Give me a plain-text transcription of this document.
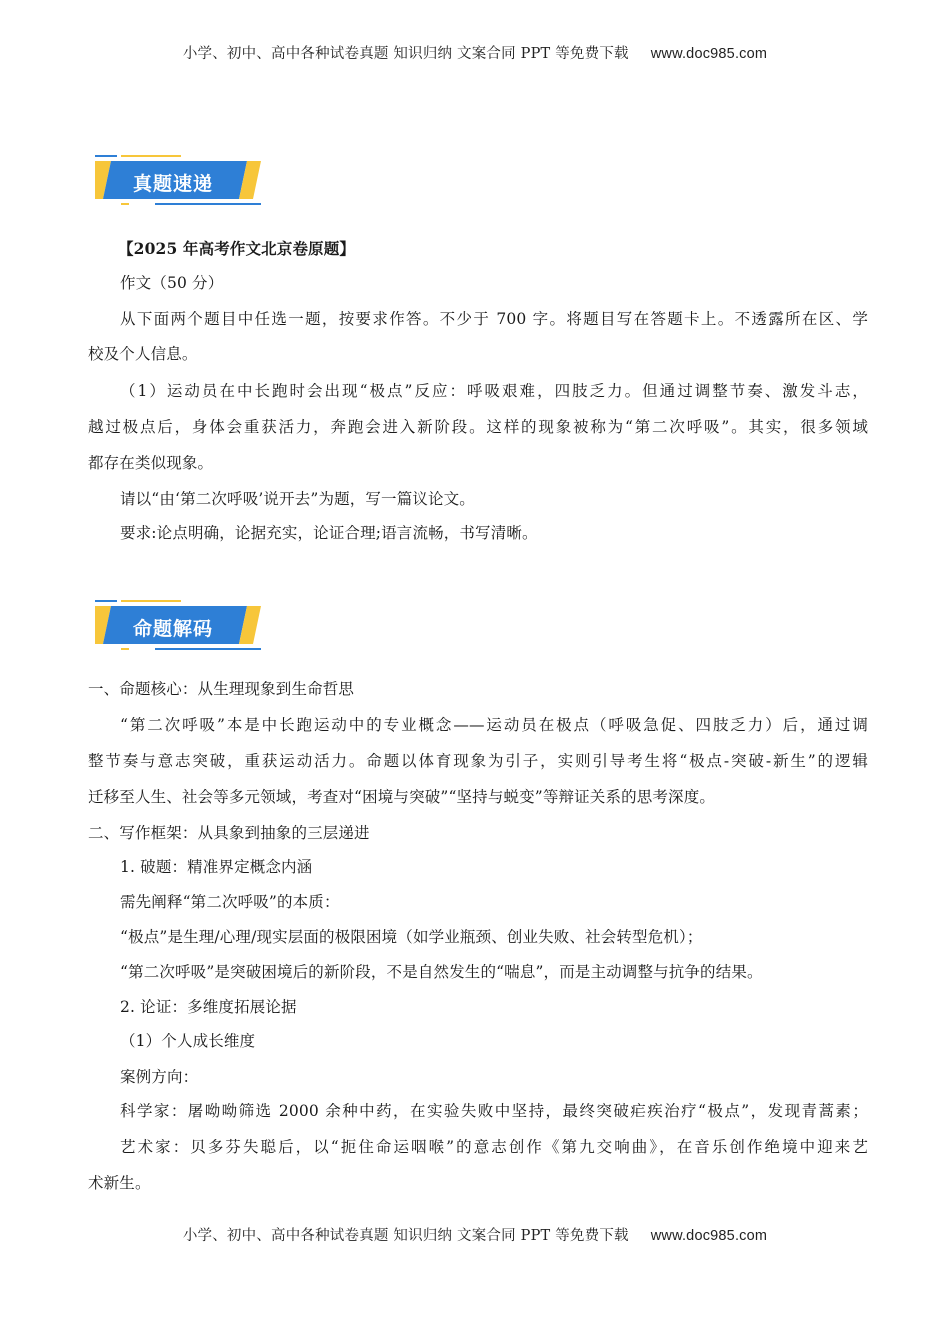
小学、初中、高中各种试卷真题 知识归纳 文案合同 PPT 等免费下载 www.doc985.com
真题速递
【2025 年高考作文北京卷原题】
作文（50 分）
从下面两个题目中任选一题，按要求作答。不少于 700 字。将题目写在答题卡上。不透露所在区、学
校及个人信息。
（1）运动员在中长跑时会出现“极点”反应：呼吸艰难，四肢乏力。但通过调整节奏、激发斗志，
越过极点后，身体会重获活力，奔跑会进入新阶段。这样的现象被称为“第二次呼吸”。其实，很多领域
都存在类似现象。
请以“由‘第二次呼吸’说开去”为题，写一篇议论文。
要求:论点明确，论据充实，论证合理;语言流畅，书写清晰。
命题解码
一、命题核心：从生理现象到生命哲思
“第二次呼吸”本是中长跑运动中的专业概念——运动员在极点（呼吸急促、四肢乏力）后，通过调
整节奏与意志突破，重获运动活力。命题以体育现象为引子，实则引导考生将“极点-突破-新生”的逻辑
迁移至人生、社会等多元领域，考查对“困境与突破”“坚持与蜕变”等辩证关系的思考深度。
二、写作框架：从具象到抽象的三层递进
1. 破题：精准界定概念内涵
需先阐释“第二次呼吸”的本质：
“极点”是生理/心理/现实层面的极限困境（如学业瓶颈、创业失败、社会转型危机）；
“第二次呼吸”是突破困境后的新阶段，不是自然发生的“喘息”，而是主动调整与抗争的结果。
2. 论证：多维度拓展论据
（1）个人成长维度
案例方向：
科学家：屠呦呦筛选 2000 余种中药，在实验失败中坚持，最终突破疟疾治疗“极点”，发现青蒿素；
艺术家：贝多芬失聪后，以“扼住命运咽喉”的意志创作《第九交响曲》，在音乐创作绝境中迎来艺
术新生。
小学、初中、高中各种试卷真题 知识归纳 文案合同 PPT 等免费下载 www.doc985.com
